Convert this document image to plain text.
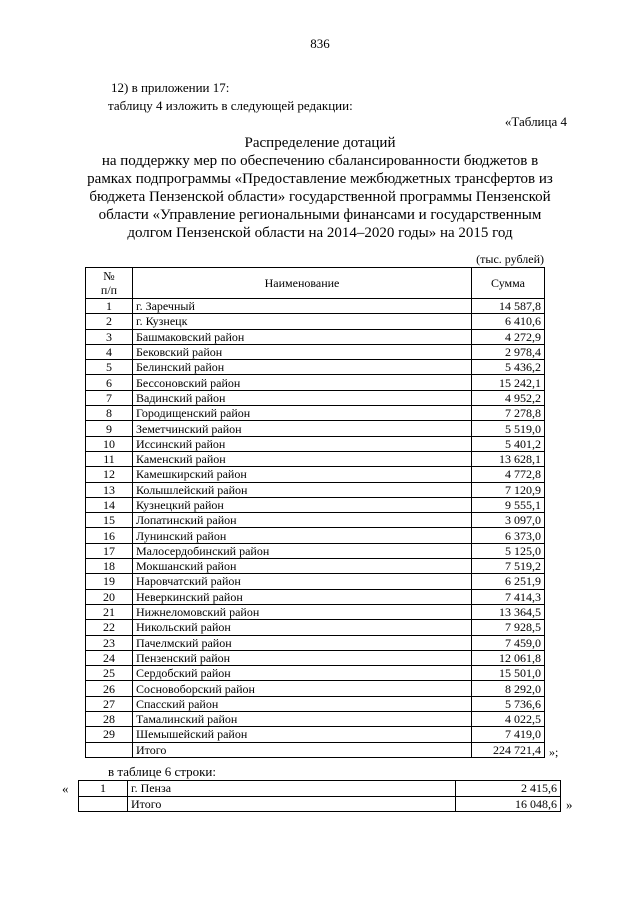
836
12) в приложении 17:
таблицу 4 изложить в следующей редакции:
«Таблица 4
Распределение дотаций
на поддержку мер по обеспечению сбалансированности бюджетов в
рамках подпрограммы «Предоставление межбюджетных трансфертов из
бюджета Пензенской области» государственной программы Пензенской
области «Управление региональными финансами и государственным
долгом Пензенской области на 2014–2020 годы» на 2015 год
(тыс. рублей)
№
п/п	Наименование	Сумма
1	г. Заречный	14 587,8
2	г. Кузнецк	6 410,6
3	Башмаковский район	4 272,9
4	Бековский район	2 978,4
5	Белинский район	5 436,2
6	Бессоновский район	15 242,1
7	Вадинский район	4 952,2
8	Городищенский район	7 278,8
9	Земетчинский район	5 519,0
10	Иссинский район	5 401,2
11	Каменский район	13 628,1
12	Камешкирский район	4 772,8
13	Колышлейский район	7 120,9
14	Кузнецкий район	9 555,1
15	Лопатинский район	3 097,0
16	Лунинский район	6 373,0
17	Малосердобинский район	5 125,0
18	Мокшанский район	7 519,2
19	Наровчатский район	6 251,9
20	Неверкинский район	7 414,3
21	Нижнеломовский район	13 364,5
22	Никольский район	7 928,5
23	Пачелмский район	7 459,0
24	Пензенский район	12 061,8
25	Сердобский район	15 501,0
26	Сосновоборский район	8 292,0
27	Спасский район	5 736,6
28	Тамалинский район	4 022,5
29	Шемышейский район	7 419,0
	Итого	224 721,4 »;
в таблице 6 строки:
«	1	г. Пенза	2 415,6
	Итого	16 048,6 »
